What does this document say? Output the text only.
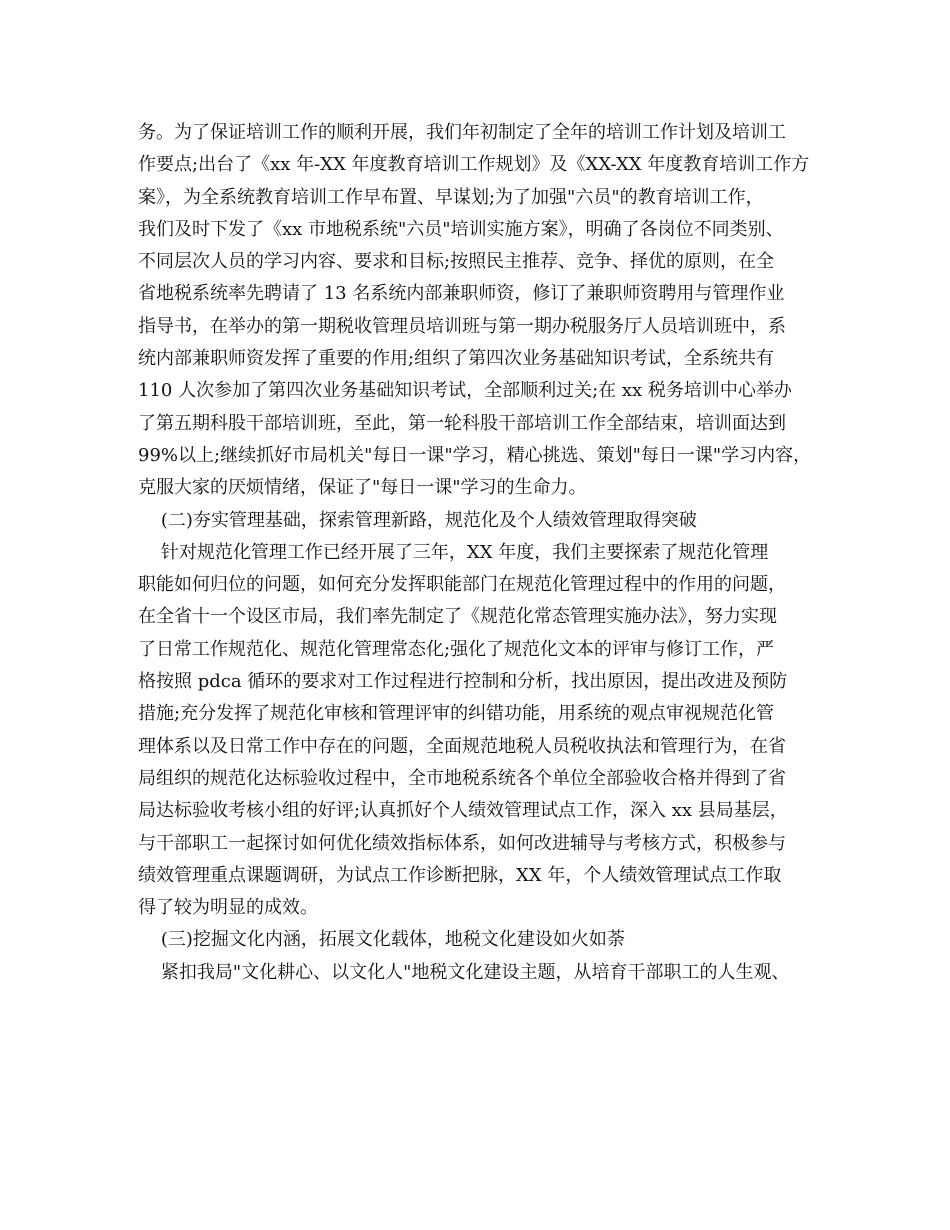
务。为了保证培训工作的顺利开展，我们年初制定了全年的培训工作计划及培训工
作要点;出台了《xx 年-XX 年度教育培训工作规划》及《XX-XX 年度教育培训工作方
案》，为全系统教育培训工作早布置、早谋划;为了加强"六员"的教育培训工作，
我们及时下发了《xx 市地税系统"六员"培训实施方案》，明确了各岗位不同类别、
不同层次人员的学习内容、要求和目标;按照民主推荐、竞争、择优的原则，在全
省地税系统率先聘请了 13 名系统内部兼职师资，修订了兼职师资聘用与管理作业
指导书，在举办的第一期税收管理员培训班与第一期办税服务厅人员培训班中，系
统内部兼职师资发挥了重要的作用;组织了第四次业务基础知识考试，全系统共有
110 人次参加了第四次业务基础知识考试，全部顺利过关;在 xx 税务培训中心举办
了第五期科股干部培训班，至此，第一轮科股干部培训工作全部结束，培训面达到
99%以上;继续抓好市局机关"每日一课"学习，精心挑选、策划"每日一课"学习内容，
克服大家的厌烦情绪，保证了"每日一课"学习的生命力。
(二)夯实管理基础，探索管理新路，规范化及个人绩效管理取得突破
针对规范化管理工作已经开展了三年，XX 年度，我们主要探索了规范化管理
职能如何归位的问题，如何充分发挥职能部门在规范化管理过程中的作用的问题，
在全省十一个设区市局，我们率先制定了《规范化常态管理实施办法》，努力实现
了日常工作规范化、规范化管理常态化;强化了规范化文本的评审与修订工作，严
格按照 pdca 循环的要求对工作过程进行控制和分析，找出原因，提出改进及预防
措施;充分发挥了规范化审核和管理评审的纠错功能，用系统的观点审视规范化管
理体系以及日常工作中存在的问题，全面规范地税人员税收执法和管理行为，在省
局组织的规范化达标验收过程中，全市地税系统各个单位全部验收合格并得到了省
局达标验收考核小组的好评;认真抓好个人绩效管理试点工作，深入 xx 县局基层，
与干部职工一起探讨如何优化绩效指标体系，如何改进辅导与考核方式，积极参与
绩效管理重点课题调研，为试点工作诊断把脉，XX 年，个人绩效管理试点工作取
得了较为明显的成效。
(三)挖掘文化内涵，拓展文化载体，地税文化建设如火如荼
紧扣我局"文化耕心、以文化人"地税文化建设主题，从培育干部职工的人生观、
